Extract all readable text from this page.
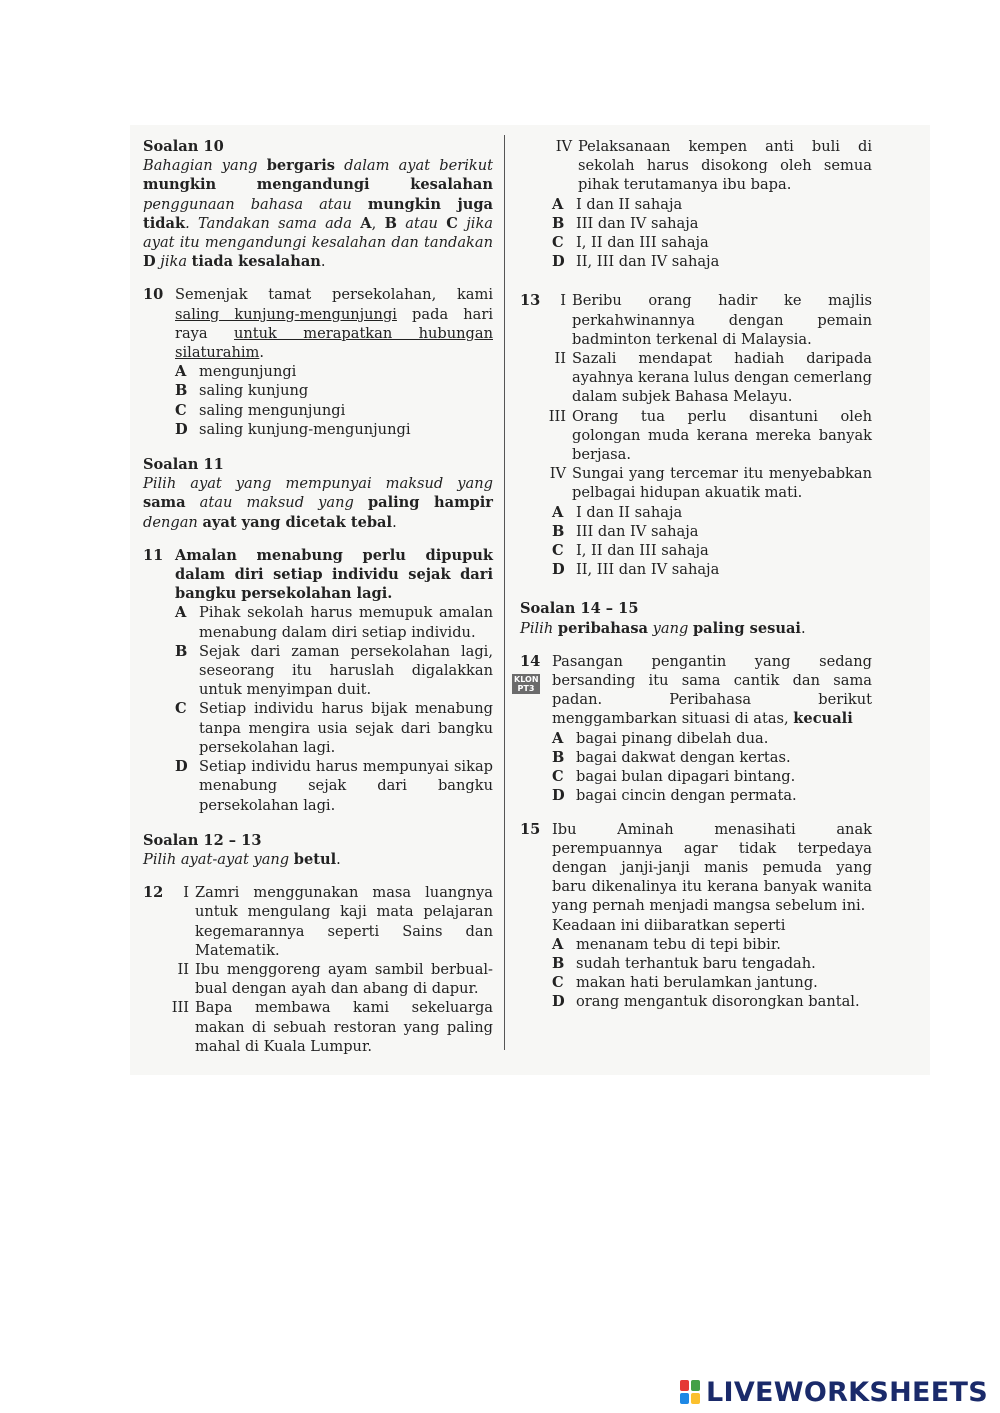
Soalan 10
Bahagian yang bergaris dalam ayat berikut mungkin mengandungi kesalahan penggunaan bahasa atau mungkin juga tidak. Tandakan sama ada A, B atau C jika ayat itu mengandungi kesalahan dan tandakan D jika tiada kesalahan.
10 Semenjak tamat persekolahan, kami saling kunjung-mengunjungi pada hari raya untuk merapatkan hubungan silaturahim.
A mengunjungi
B saling kunjung
C saling mengunjungi
D saling kunjung-mengunjungi
Soalan 11
Pilih ayat yang mempunyai maksud yang sama atau maksud yang paling hampir dengan ayat yang dicetak tebal.
11 Amalan menabung perlu dipupuk dalam diri setiap individu sejak dari bangku persekolahan lagi.
A Pihak sekolah harus memupuk amalan menabung dalam diri setiap individu.
B Sejak dari zaman persekolahan lagi, seseorang itu haruslah digalakkan untuk menyimpan duit.
C Setiap individu harus bijak menabung tanpa mengira usia sejak dari bangku persekolahan lagi.
D Setiap individu harus mempunyai sikap menabung sejak dari bangku persekolahan lagi.
Soalan 12 – 13
Pilih ayat-ayat yang betul.
12	I Zamri menggunakan masa luangnya untuk mengulang kaji mata pelajaran kegemarannya seperti Sains dan Matematik.
II Ibu menggoreng ayam sambil berbual-bual dengan ayah dan abang di dapur.
III Bapa membawa kami sekeluarga makan di sebuah restoran yang paling mahal di Kuala Lumpur.
IV Pelaksanaan kempen anti buli di sekolah harus disokong oleh semua pihak terutamanya ibu bapa.
A I dan II sahaja
B III dan IV sahaja
C I, II dan III sahaja
D II, III dan IV sahaja
13	I Beribu orang hadir ke majlis perkahwinannya dengan pemain badminton terkenal di Malaysia.
II Sazali mendapat hadiah daripada ayahnya kerana lulus dengan cemerlang dalam subjek Bahasa Melayu.
III Orang tua perlu disantuni oleh golongan muda kerana mereka banyak berjasa.
IV Sungai yang tercemar itu menyebabkan pelbagai hidupan akuatik mati.
A I dan II sahaja
B III dan IV sahaja
C I, II dan III sahaja
D II, III dan IV sahaja
Soalan 14 – 15
Pilih peribahasa yang paling sesuai.
14
KLON
PT3
Pasangan pengantin yang sedang bersanding itu sama cantik dan sama padan. Peribahasa berikut menggambarkan situasi di atas, kecuali
A bagai pinang dibelah dua.
B bagai dakwat dengan kertas.
C bagai bulan dipagari bintang.
D bagai cincin dengan permata.
15 Ibu Aminah menasihati anak perempuannya agar tidak terpedaya dengan janji-janji manis pemuda yang baru dikenalinya itu kerana banyak wanita yang pernah menjadi mangsa sebelum ini.
Keadaan ini diibaratkan seperti
A menanam tebu di tepi bibir.
B sudah terhantuk baru tengadah.
C makan hati berulamkan jantung.
D orang mengantuk disorongkan bantal.
LIVEWORKSHEETS
